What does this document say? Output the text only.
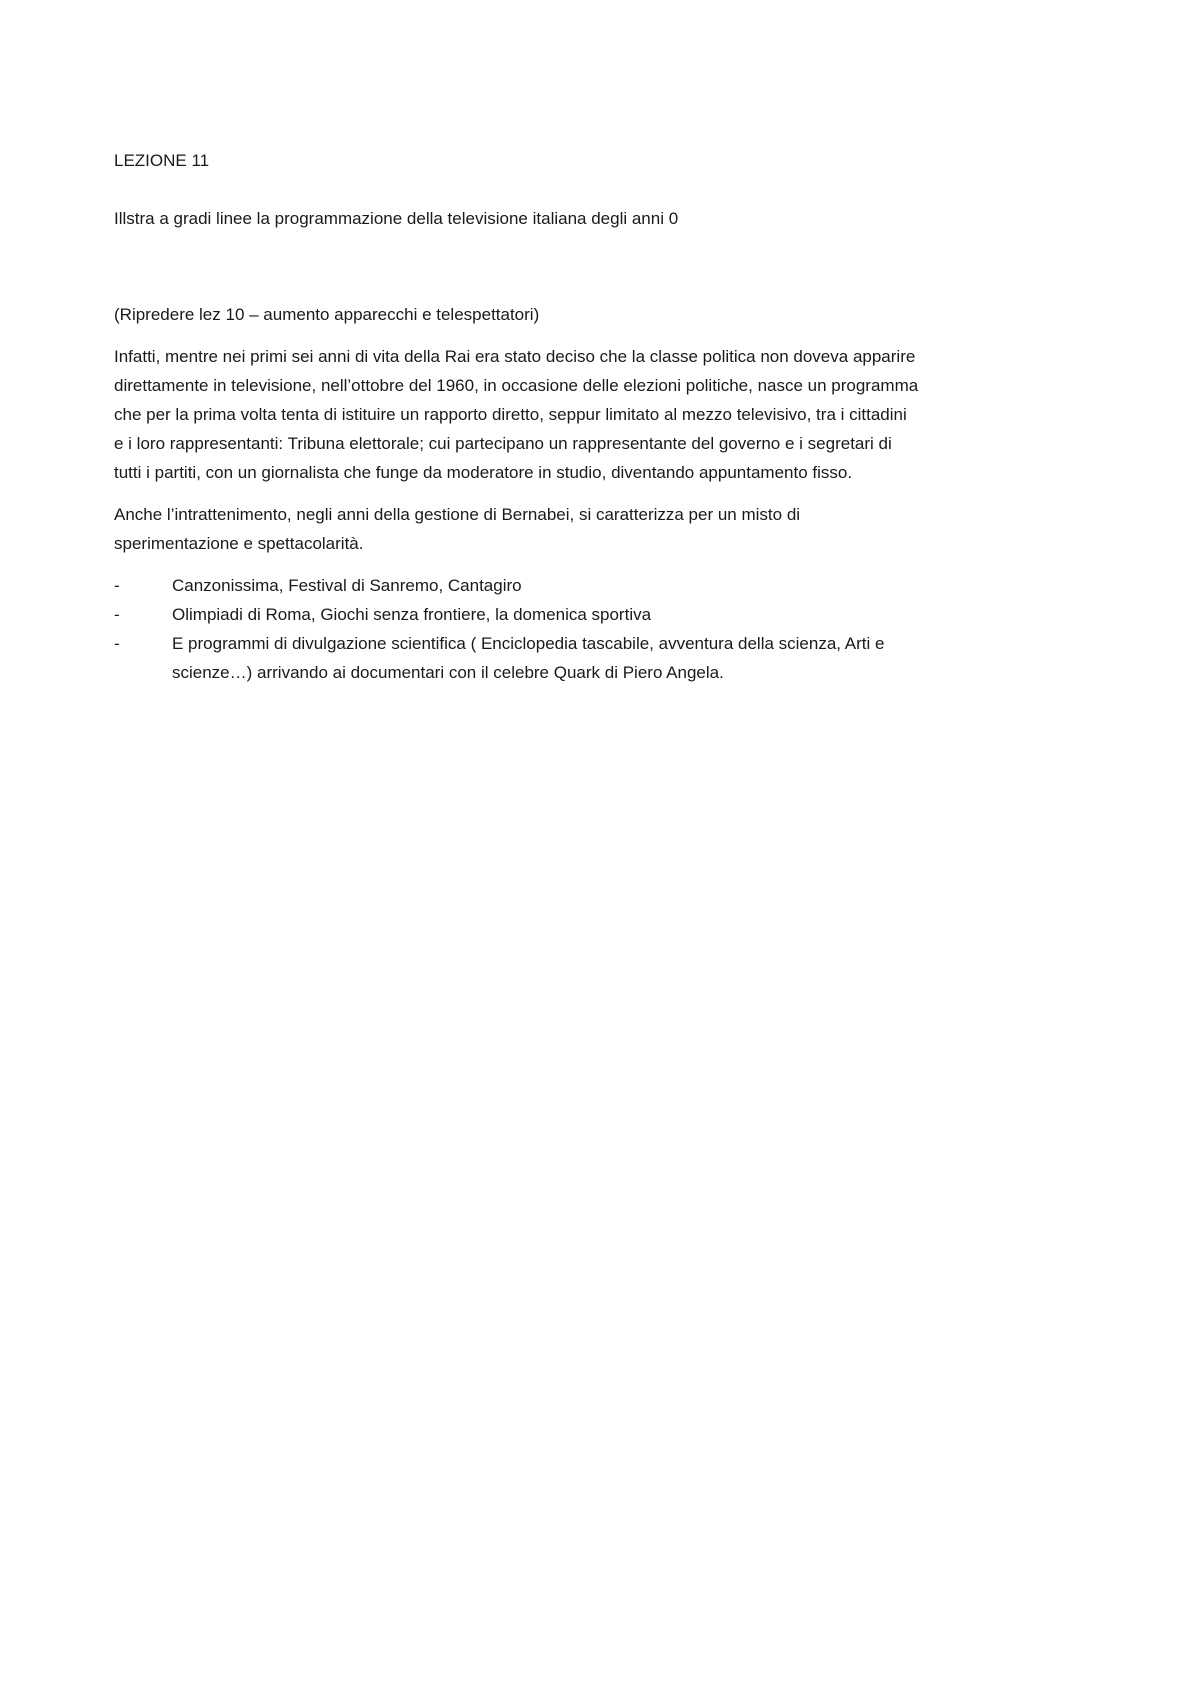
LEZIONE 11

Illstra a gradi linee la programmazione della televisione italiana degli anni 0

(Ripredere lez 10 – aumento apparecchi e telespettatori)

Infatti, mentre nei primi sei anni di vita della Rai era stato deciso che la classe politica non doveva apparire

direttamente in televisione, nell’ottobre del 1960, in occasione delle elezioni politiche, nasce un programma

che per la prima volta tenta di istituire un rapporto diretto, seppur limitato al mezzo televisivo, tra i cittadini

e i loro rappresentanti: Tribuna elettorale; cui partecipano un rappresentante del governo e i segretari di

tutti i partiti, con un giornalista che funge da moderatore in studio, diventando appuntamento fisso.

Anche l’intrattenimento, negli anni della gestione di Bernabei, si caratterizza per un misto di

sperimentazione e spettacolarità.

-	Canzonissima, Festival di Sanremo, Cantagiro

-	Olimpiadi di Roma, Giochi senza frontiere, la domenica sportiva

-	E programmi di divulgazione scientifica ( Enciclopedia tascabile, avventura della scienza, Arti e

scienze…) arrivando ai documentari con il celebre Quark di Piero Angela.
